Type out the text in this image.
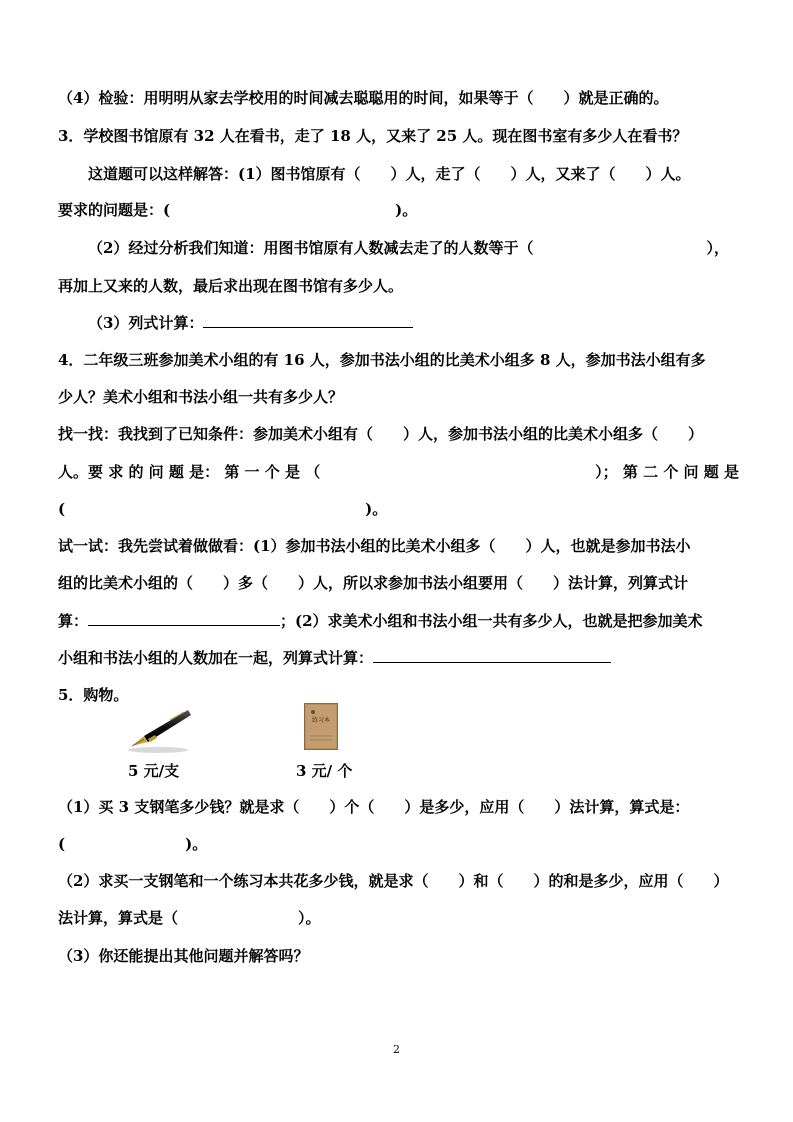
（4）检验：用明明从家去学校用的时间减去聪聪用的时间，如果等于（　　）就是正确的。
3．学校图书馆原有 32 人在看书，走了 18 人，又来了 25 人。现在图书室有多少人在看书？
这道题可以这样解答：(1）图书馆原有（　　）人，走了（　　）人，又来了（　　）人。
要求的问题是：(　　　　　　　　　　　　　　　)。
（2）经过分析我们知道：用图书馆原有人数减去走了的人数等于（	），
再加上又来的人数，最后求出现在图书馆有多少人。
（3）列式计算：
4．二年级三班参加美术小组的有 16 人，参加书法小组的比美术小组多 8 人，参加书法小组有多
少人？美术小组和书法小组一共有多少人？
找一找：我找到了已知条件：参加美术小组有（　　）人，参加书法小组的比美术小组多（　　）
人。要 求 的 问 题 是： 第 一 个 是 （	）； 第 二 个 问 题 是
(　　　　　　　　　　　　　　　　　　　　)。
试一试：我先尝试着做做看：(1）参加书法小组的比美术小组多（　　）人，也就是参加书法小
组的比美术小组的（　　）多（　　）人，所以求参加书法小组要用（　　）法计算，列算式计
算：	；(2）求美术小组和书法小组一共有多少人，也就是把参加美术
小组和书法小组的人数加在一起，列算式计算：
5．购物。
练习本
5 元/支	3 元/ 个
（1）买 3 支钢笔多少钱？就是求（　　）个（　　）是多少，应用（　　）法计算，算式是：
(　　　　　　　　)。
（2）求买一支钢笔和一个练习本共花多少钱，就是求（　　）和（　　）的和是多少，应用（　　）
法计算，算式是（　　　　　　　　）。
（3）你还能提出其他问题并解答吗？
2
